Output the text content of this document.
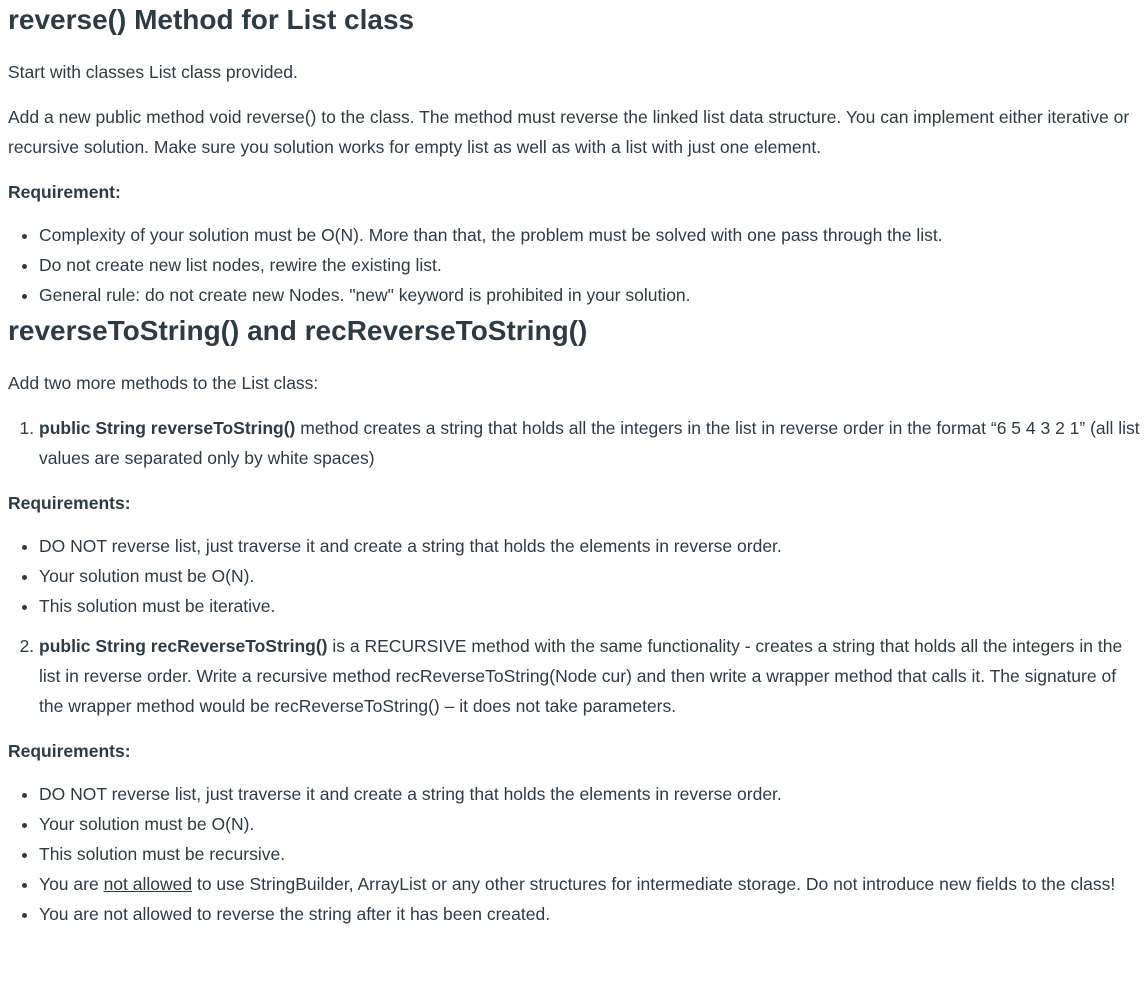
reverse() Method for List class

Start with classes List class provided.

Add a new public method void reverse() to the class. The method must reverse the linked list data structure. You can implement either iterative or recursive solution. Make sure you solution works for empty list as well as with a list with just one element.

Requirement:

• Complexity of your solution must be O(N). More than that, the problem must be solved with one pass through the list.
• Do not create new list nodes, rewire the existing list.
• General rule: do not create new Nodes. "new" keyword is prohibited in your solution.
reverseToString() and recReverseToString()

Add two more methods to the List class:

1. public String reverseToString() method creates a string that holds all the integers in the list in reverse order in the format “6 5 4 3 2 1” (all list values are separated only by white spaces)

Requirements:

• DO NOT reverse list, just traverse it and create a string that holds the elements in reverse order.
• Your solution must be O(N).
• This solution must be iterative.
2. public String recReverseToString() is a RECURSIVE method with the same functionality - creates a string that holds all the integers in the list in reverse order. Write a recursive method recReverseToString(Node cur) and then write a wrapper method that calls it. The signature of the wrapper method would be recReverseToString() – it does not take parameters.

Requirements:

• DO NOT reverse list, just traverse it and create a string that holds the elements in reverse order.
• Your solution must be O(N).
• This solution must be recursive.
• You are not allowed to use StringBuilder, ArrayList or any other structures for intermediate storage. Do not introduce new fields to the class!
• You are not allowed to reverse the string after it has been created.
